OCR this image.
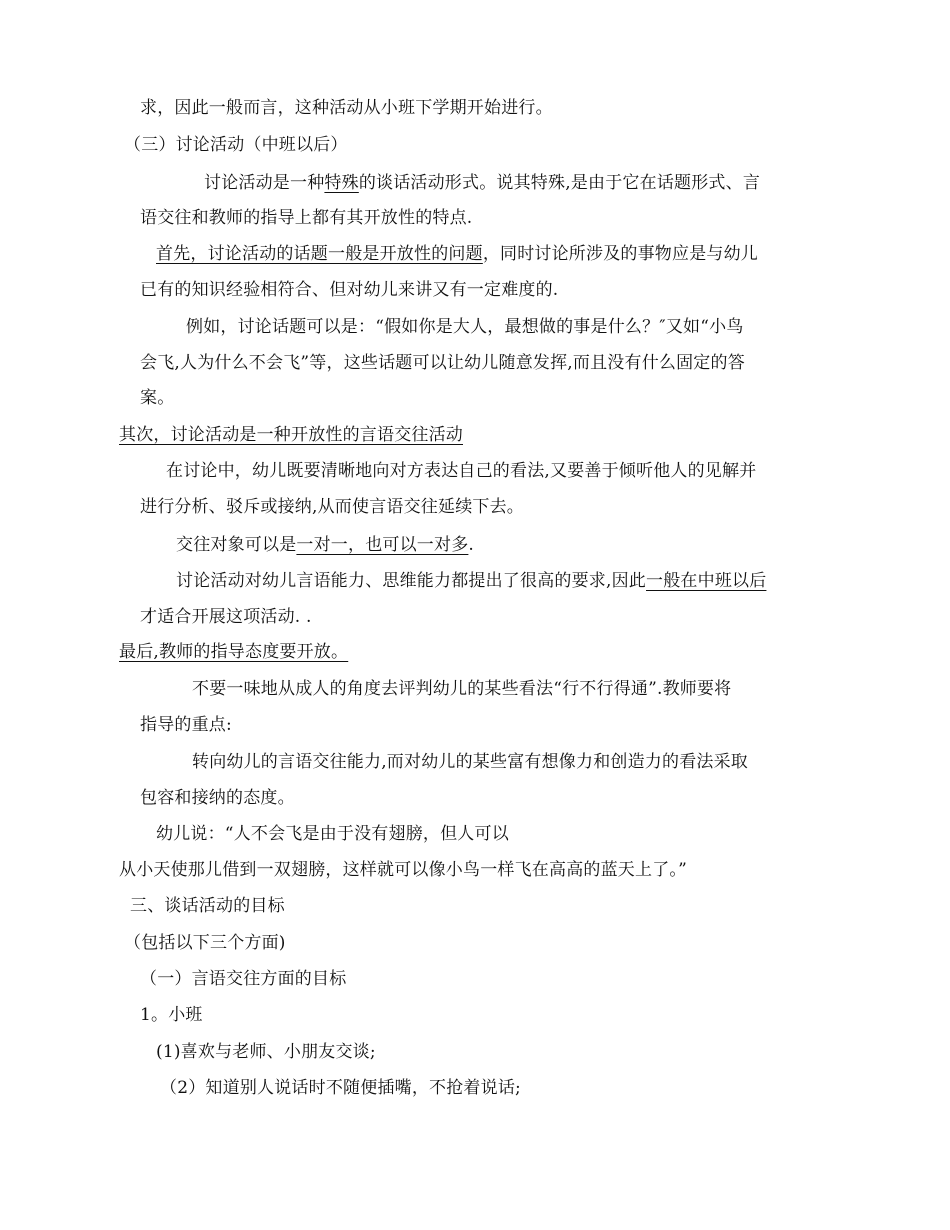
求，因此一般而言，这种活动从小班下学期开始进行。
（三）讨论活动（中班以后）
讨论活动是一种特殊的谈话活动形式。说其特殊,是由于它在话题形式、言
语交往和教师的指导上都有其开放性的特点.
首先，讨论活动的话题一般是开放性的问题，同时讨论所涉及的事物应是与幼儿
已有的知识经验相符合、但对幼儿来讲又有一定难度的.
例如，讨论话题可以是：“假如你是大人，最想做的事是什么？″又如“小鸟
会飞,人为什么不会飞”等，这些话题可以让幼儿随意发挥,而且没有什么固定的答
案。
其次，讨论活动是一种开放性的言语交往活动
在讨论中，幼儿既要清晰地向对方表达自己的看法,又要善于倾听他人的见解并
进行分析、驳斥或接纳,从而使言语交往延续下去。
交往对象可以是一对一，也可以一对多.
讨论活动对幼儿言语能力、思维能力都提出了很高的要求,因此一般在中班以后
才适合开展这项活动. .
最后,教师的指导态度要开放。
不要一味地从成人的角度去评判幼儿的某些看法“行不行得通”.教师要将
指导的重点:
转向幼儿的言语交往能力,而对幼儿的某些富有想像力和创造力的看法采取
包容和接纳的态度。
幼儿说：“人不会飞是由于没有翅膀，但人可以
从小天使那儿借到一双翅膀，这样就可以像小鸟一样飞在高高的蓝天上了。”
三、谈话活动的目标
（包括以下三个方面)
（一）言语交往方面的目标
1。小班
(1)喜欢与老师、小朋友交谈;
（2）知道别人说话时不随便插嘴，不抢着说话;
